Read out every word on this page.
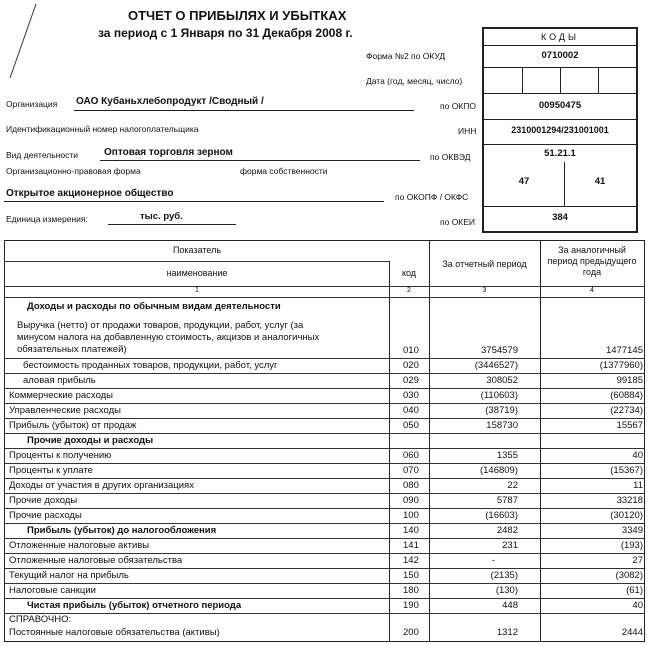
ОТЧЕТ О ПРИБЫЛЯХ И УБЫТКАХ
за период с 1 Января по 31 Декабря 2008 г.
Форма №2 по ОКУД
Дата (год, месяц, число)
Организация ОАО Кубаньхлебопродукт /Сводный /	по ОКПО
Идентификационный номер налогоплательщика	ИНН
Вид деятельности	Оптовая торговля зерном	по ОКВЭД
Организационно-правовая форма	форма собственности
Открытое акционерное общество	по ОКОПФ / ОКФС
Единица измерения:	тыс. руб.	по ОКЕИ
КОДЫ
0710002
00950475
2310001294/231001001
51.21.1
47	41
384
Показатель
наименование	код
За отчетный период
За аналогичный период предыдущего года
1	2	3	4
Доходы и расходы по обычным видам деятельности
Выручка (нетто) от продажи товаров, продукции, работ, услуг (за
минусом налога на добавленную стоимость, акцизов и аналогичных
обязательных платежей)	010	3754579	1477145
бестоимость проданных товаров, продукции, работ, услуг	020	(3446527)	(1377960)
аловая прибыль	029	308052	99185
Коммерческие расходы	030	(110603)	(60884)
Управленческие расходы	040	(38719)	(22734)
Прибыль (убыток) от продаж	050	158730	15567
Прочие доходы и расходы
Проценты к получению	060	1355	40
Проценты к уплате	070	(146809)	(15367)
Доходы от участия в других организациях	080	22	11
Прочие доходы	090	5787	33218
Прочие расходы	100	(16603)	(30120)
Прибыль (убыток) до налогообложения	140	2482	3349
Отложенные налоговые активы	141	231	(193)
Отложенные налоговые обязательства	142	-	27
Текущий налог на прибыль	150	(2135)	(3082)
Налоговые санкции	180	(130)	(61)
Чистая прибыль (убыток) отчетного периода	190	448	40
СПРАВОЧНО:
Постоянные налоговые обязательства (активы)	200	1312	2444
